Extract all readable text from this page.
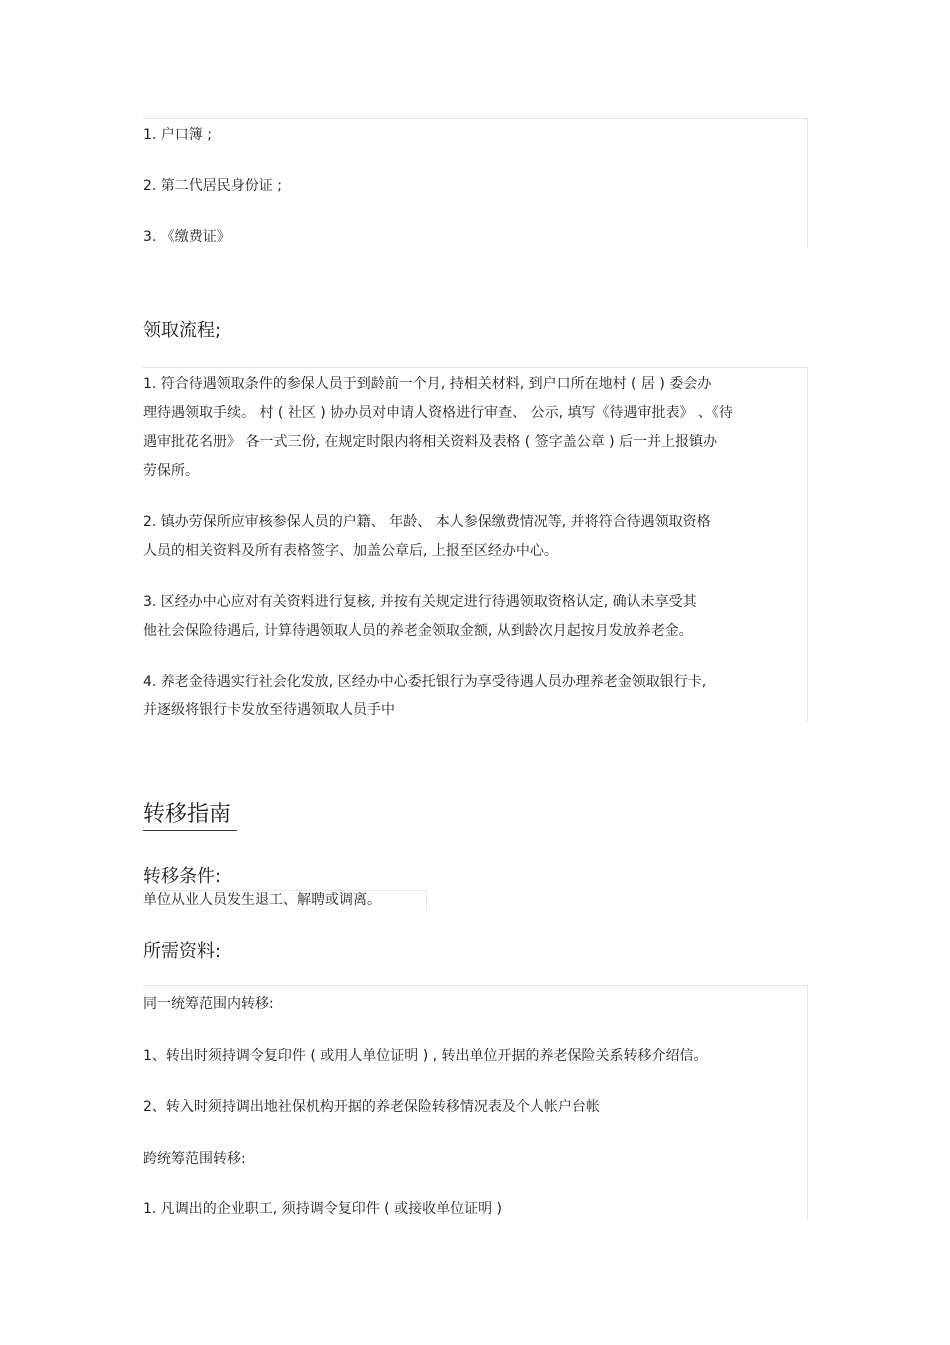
1. 户口簿 ;
2. 第二代居民身份证 ;
3. 《缴费证》
领取流程;
1. 符合待遇领取条件的参保人员于到龄前一个月, 持相关材料, 到户口所在地村 ( 居 ) 委会办
理待遇领取手续。 村 ( 社区 ) 协办员对申请人资格进行审查、 公示, 填写《待遇审批表》 、《待
遇审批花名册》 各一式三份, 在规定时限内将相关资料及表格 ( 签字盖公章 ) 后一并上报镇办
劳保所。
2. 镇办劳保所应审核参保人员的户籍、 年龄、 本人参保缴费情况等, 并将符合待遇领取资格
人员的相关资料及所有表格签字、加盖公章后, 上报至区经办中心。
3. 区经办中心应对有关资料进行复核, 并按有关规定进行待遇领取资格认定, 确认未享受其
他社会保险待遇后, 计算待遇领取人员的养老金领取金额, 从到龄次月起按月发放养老金。
4. 养老金待遇实行社会化发放, 区经办中心委托银行为享受待遇人员办理养老金领取银行卡,
并逐级将银行卡发放至待遇领取人员手中
转移指南
转移条件:
单位从业人员发生退工、解聘或调离。
所需资料:
同一统筹范围内转移:
1、转出时须持调令复印件 ( 或用人单位证明 ) , 转出单位开据的养老保险关系转移介绍信。
2、转入时须持调出地社保机构开据的养老保险转移情况表及个人帐户台帐
跨统筹范围转移:
1. 凡调出的企业职工, 须持调令复印件 ( 或接收单位证明 )
